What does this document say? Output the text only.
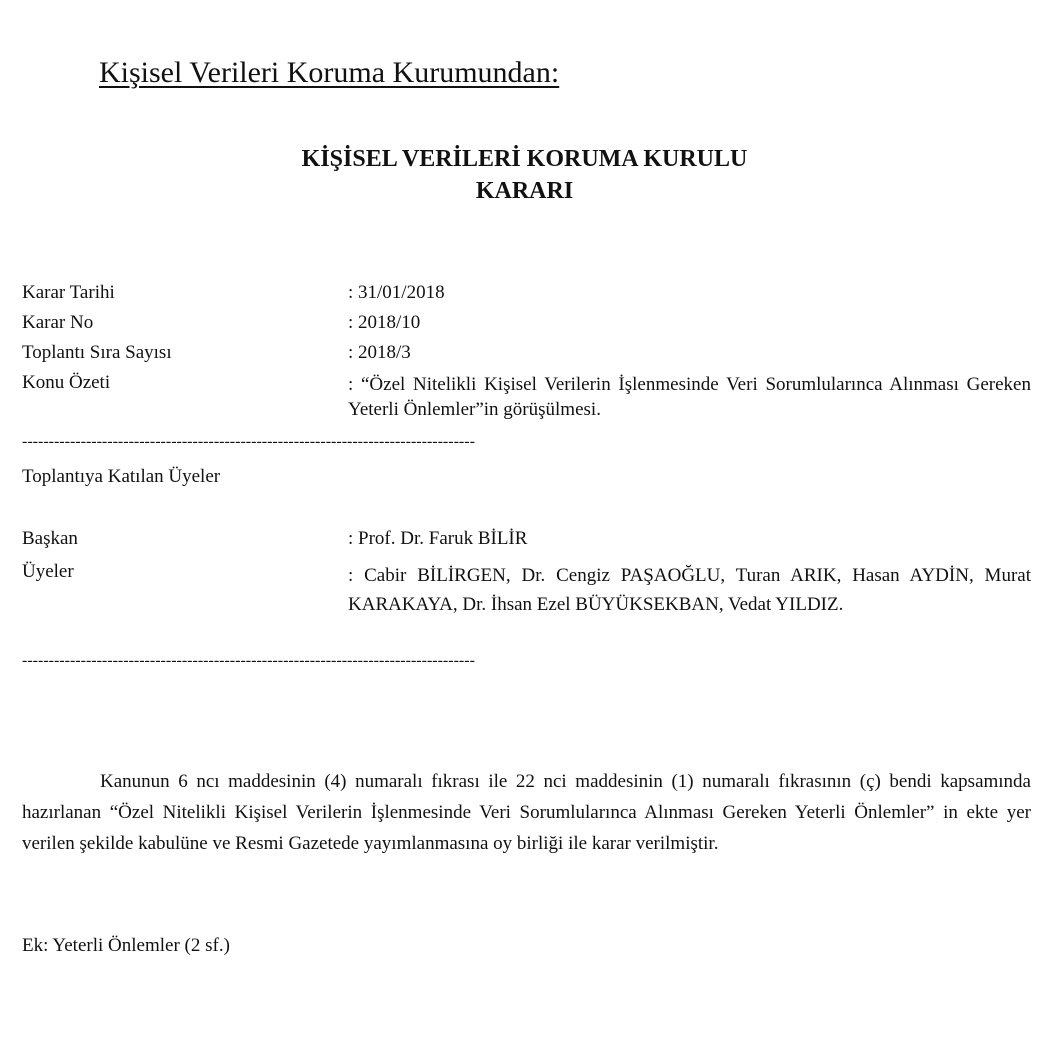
Kişisel Verileri Koruma Kurumundan:
KİŞİSEL VERİLERİ KORUMA KURULU
KARARI
Karar Tarihi	: 31/01/2018
Karar No	: 2018/10
Toplantı Sıra Sayısı	: 2018/3
Konu Özeti	: “Özel Nitelikli Kişisel Verilerin İşlenmesinde Veri Sorumlularınca Alınması Gereken Yeterli Önlemler”in görüşülmesi.
-------------------------------------------------------------------------------------
Toplantıya Katılan Üyeler
Başkan	: Prof. Dr. Faruk BİLİR
Üyeler	: Cabir BİLİRGEN, Dr. Cengiz PAŞAOĞLU, Turan ARIK, Hasan AYDİN, Murat KARAKAYA, Dr. İhsan Ezel BÜYÜKSEKBAN, Vedat YILDIZ.
-------------------------------------------------------------------------------------
Kanunun 6 ncı maddesinin (4) numaralı fıkrası ile 22 nci maddesinin (1) numaralı fıkrasının (ç) bendi kapsamında hazırlanan “Özel Nitelikli Kişisel Verilerin İşlenmesinde Veri Sorumlularınca Alınması Gereken Yeterli Önlemler” in ekte yer verilen şekilde kabulüne ve Resmi Gazetede yayımlanmasına oy birliği ile karar verilmiştir.
Ek: Yeterli Önlemler (2 sf.)
